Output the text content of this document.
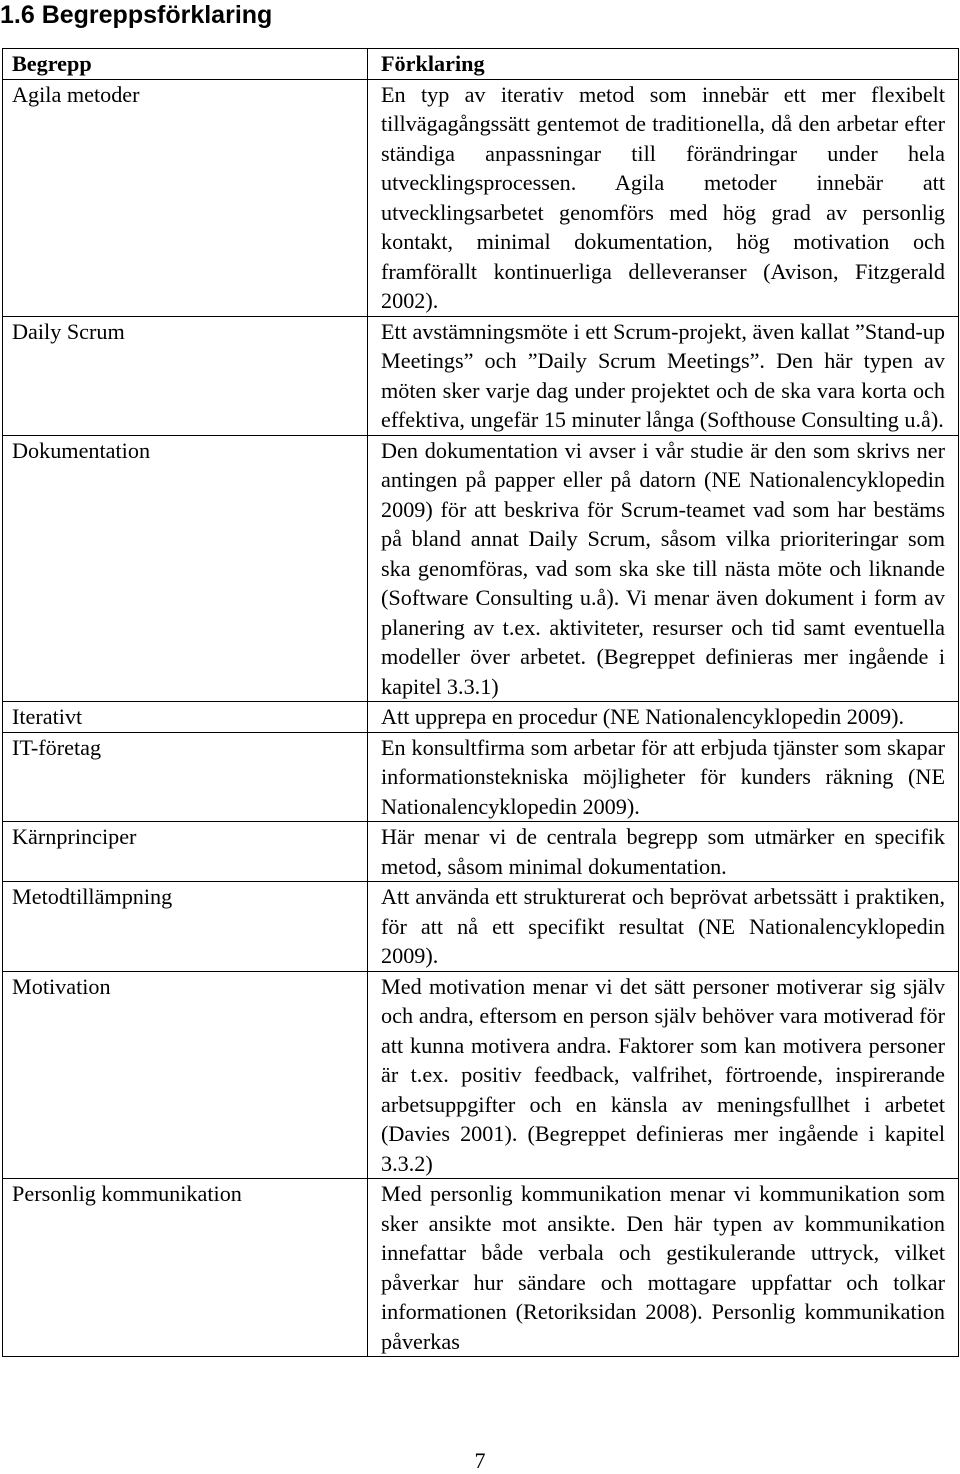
1.6 Begreppsförklaring
Begrepp	Förklaring
Agila metoder	En typ av iterativ metod som innebär ett mer flexibelt tillvägagångssätt gentemot de traditionella, då den arbetar efter ständiga anpassningar till förändringar under hela utvecklingsprocessen. Agila metoder innebär att utvecklingsarbetet genomförs med hög grad av personlig kontakt, minimal dokumentation, hög motivation och framförallt kontinuerliga delleveranser (Avison, Fitzgerald 2002).
Daily Scrum	Ett avstämningsmöte i ett Scrum-projekt, även kallat ”Stand-up Meetings” och ”Daily Scrum Meetings”. Den här typen av möten sker varje dag under projektet och de ska vara korta och effektiva, ungefär 15 minuter långa (Softhouse Consulting u.å).
Dokumentation	Den dokumentation vi avser i vår studie är den som skrivs ner antingen på papper eller på datorn (NE Nationalencyklopedin 2009) för att beskriva för Scrum-teamet vad som har bestäms på bland annat Daily Scrum, såsom vilka prioriteringar som ska genomföras, vad som ska ske till nästa möte och liknande (Software Consulting u.å). Vi menar även dokument i form av planering av t.ex. aktiviteter, resurser och tid samt eventuella modeller över arbetet. (Begreppet definieras mer ingående i kapitel 3.3.1)
Iterativt	Att upprepa en procedur (NE Nationalencyklopedin 2009).
IT-företag	En konsultfirma som arbetar för att erbjuda tjänster som skapar informationstekniska möjligheter för kunders räkning (NE Nationalencyklopedin 2009).
Kärnprinciper	Här menar vi de centrala begrepp som utmärker en specifik metod, såsom minimal dokumentation.
Metodtillämpning	Att använda ett strukturerat och beprövat arbetssätt i praktiken, för att nå ett specifikt resultat (NE Nationalencyklopedin 2009).
Motivation	Med motivation menar vi det sätt personer motiverar sig själv och andra, eftersom en person själv behöver vara motiverad för att kunna motivera andra. Faktorer som kan motivera personer är t.ex. positiv feedback, valfrihet, förtroende, inspirerande arbetsuppgifter och en känsla av meningsfullhet i arbetet (Davies 2001). (Begreppet definieras mer ingående i kapitel 3.3.2)
Personlig kommunikation	Med personlig kommunikation menar vi kommunikation som sker ansikte mot ansikte. Den här typen av kommunikation innefattar både verbala och gestikulerande uttryck, vilket påverkar hur sändare och mottagare uppfattar och tolkar informationen (Retoriksidan 2008). Personlig kommunikation påverkas
7
